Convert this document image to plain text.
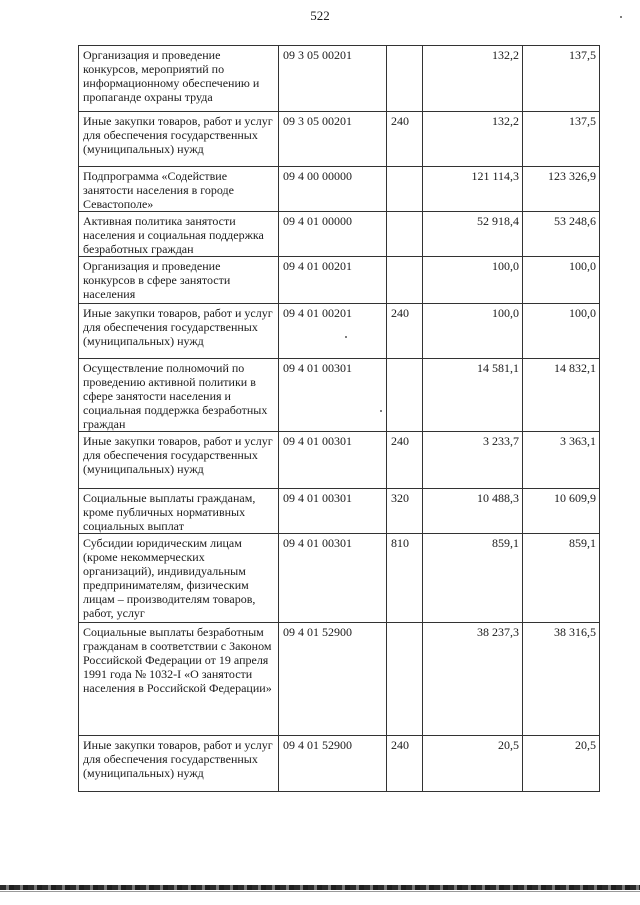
522
Организация и проведение конкурсов, мероприятий по информационному обеспечению и пропаганде охраны труда	09 3 05 00201		132,2	137,5
Иные закупки товаров, работ и услуг для обеспечения государственных (муниципальных) нужд	09 3 05 00201	240	132,2	137,5
Подпрограмма «Содействие занятости населения в городе Севастополе»	09 4 00 00000		121 114,3	123 326,9
Активная политика занятости населения и социальная поддержка безработных граждан	09 4 01 00000		52 918,4	53 248,6
Организация и проведение конкурсов в сфере занятости населения	09 4 01 00201		100,0	100,0
Иные закупки товаров, работ и услуг для обеспечения государственных (муниципальных) нужд	09 4 01 00201	240	100,0	100,0
Осуществление полномочий по проведению активной политики в сфере занятости населения и социальная поддержка безработных граждан	09 4 01 00301		14 581,1	14 832,1
Иные закупки товаров, работ и услуг для обеспечения государственных (муниципальных) нужд	09 4 01 00301	240	3 233,7	3 363,1
Социальные выплаты гражданам, кроме публичных нормативных социальных выплат	09 4 01 00301	320	10 488,3	10 609,9
Субсидии юридическим лицам (кроме некоммерческих организаций), индивидуальным предпринимателям, физическим лицам – производителям товаров, работ, услуг	09 4 01 00301	810	859,1	859,1
Социальные выплаты безработным гражданам в соответствии с Законом Российской Федерации от 19 апреля 1991 года № 1032-I «О занятости населения в Российской Федерации»	09 4 01 52900		38 237,3	38 316,5
Иные закупки товаров, работ и услуг для обеспечения государственных (муниципальных) нужд	09 4 01 52900	240	20,5	20,5
